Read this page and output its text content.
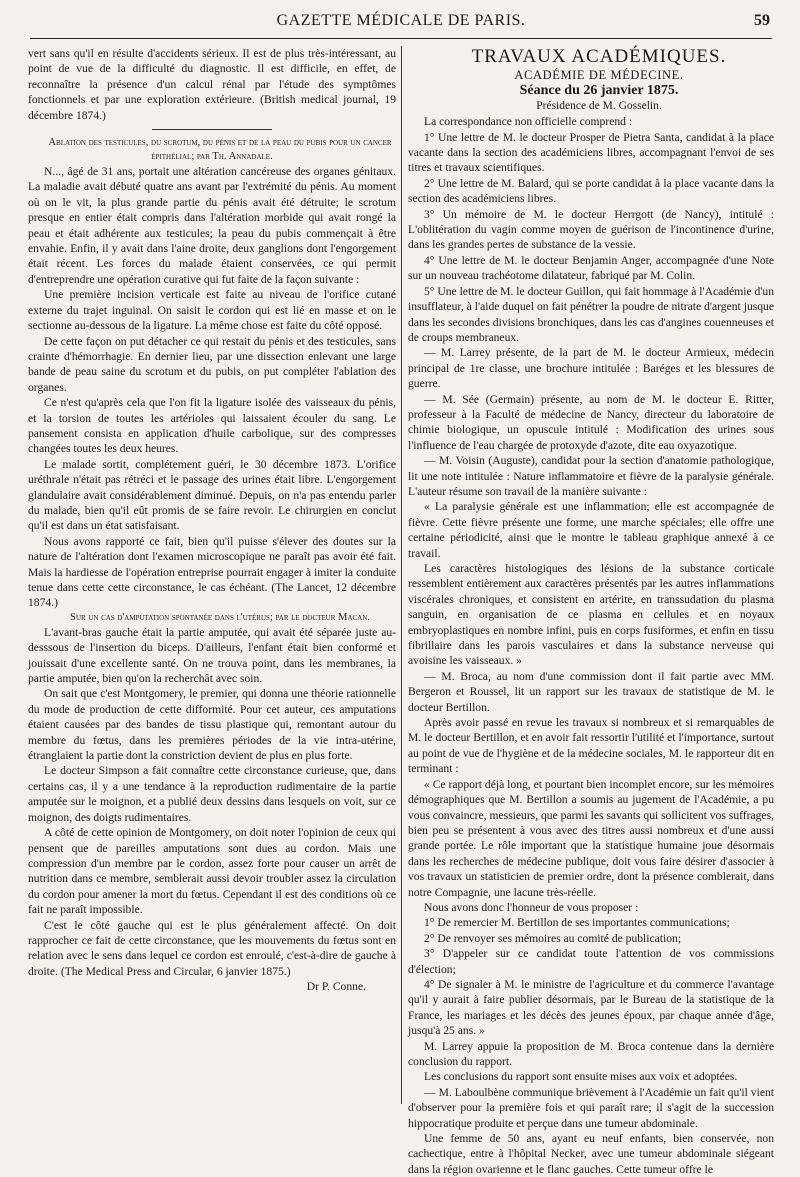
GAZETTE MÉDICALE DE PARIS.	59

vert sans qu'il en résulte d'accidents sérieux. Il est de plus très-intéressant, au point de vue de la difficulté du diagnostic. Il est difficile, en effet, de reconnaître la présence d'un calcul rénal par l'étude des symptômes fonctionnels et par une exploration extérieure. (British medical journal, 19 décembre 1874.)

Ablation des testicules, du scrotum, du pénis et de la peau du pubis pour un cancer épithélial; par Th. Annadale.

N..., âgé de 31 ans, portait une altération cancéreuse des organes génitaux. La maladie avait débuté quatre ans avant par l'extrémité du pénis. Au moment où on le vit, la plus grande partie du pénis avait été détruite; le scrotum presque en entier était compris dans l'altération morbide qui avait rongé la peau et était adhérente aux testicules; la peau du pubis commençait à être envahie. Enfin, il y avait dans l'aine droite, deux ganglions dont l'engorgement était récent. Les forces du malade étaient conservées, ce qui permit d'entreprendre une opération curative qui fut faite de la façon suivante :

Une première incision verticale est faite au niveau de l'orifice cutané externe du trajet inguinal. On saisit le cordon qui est lié en masse et on le sectionne au-dessous de la ligature. La même chose est faite du côté opposé.

De cette façon on put détacher ce qui restait du pénis et des testicules, sans crainte d'hémorrhagie. En dernier lieu, par une dissection enlevant une large bande de peau saine du scrotum et du pubis, on put compléter l'ablation des organes.

Ce n'est qu'après cela que l'on fit la ligature isolée des vaisseaux du pénis, et la torsion de toutes les artérioles qui laissaient écouler du sang. Le pansement consista en application d'huile carbolique, sur des compresses changées toutes les deux heures.

Le malade sortit, complétement guéri, le 30 décembre 1873. L'orifice uréthrale n'était pas rétréci et le passage des urines était libre. L'engorgement glandulaire avait considérablement diminué. Depuis, on n'a pas entendu parler du malade, bien qu'il eût promis de se faire revoir. Le chirurgien en conclut qu'il est dans un état satisfaisant.

Nous avons rapporté ce fait, bien qu'il puisse s'élever des doutes sur la nature de l'altération dont l'examen microscopique ne paraît pas avoir été fait. Mais la hardiesse de l'opération entreprise pourrait engager à imiter la conduite tenue dans cette cette circonstance, le cas échéant. (The Lancet, 12 décembre 1874.)

Sur un cas d'amputation spontanée dans l'utérus; par le docteur Macan.

L'avant-bras gauche était la partie amputée, qui avait été séparée juste au-desssous de l'insertion du biceps. D'ailleurs, l'enfant était bien conformé et jouissait d'une excellente santé. On ne trouva point, dans les membranes, la partie amputée, bien qu'on la recherchât avec soin.

On sait que c'est Montgomery, le premier, qui donna une théorie rationnelle du mode de production de cette difformité. Pour cet auteur, ces amputations étaient causées par des bandes de tissu plastique qui, remontant autour du membre du fœtus, dans les premières périodes de la vie intra-utérine, étranglaient la partie dont la constriction devient de plus en plus forte.

Le docteur Simpson a fait connaître cette circonstance curieuse, que, dans certains cas, il y a une tendance à la reproduction rudimentaire de la partie amputée sur le moignon, et a publié deux dessins dans lesquels on voit, sur ce moignon, des doigts rudimentaires.

A côté de cette opinion de Montgomery, on doit noter l'opinion de ceux qui pensent que de pareilles amputations sont dues au cordon. Mais une compression d'un membre par le cordon, assez forte pour causer un arrêt de nutrition dans ce membre, semblerait aussi devoir troubler assez la circulation du cordon pour amener la mort du fœtus. Cependant il est des conditions où ce fait ne paraît impossible.

C'est le côté gauche qui est le plus généralement affecté. On doit rapprocher ce fait de cette circonstance, que les mouvements du fœtus sont en relation avec le sens dans lequel ce cordon est enroulé, c'est-à-dire de gauche à droite. (The Medical Press and Circular, 6 janvier 1875.)

Dr P. Conne.

TRAVAUX ACADÉMIQUES.

ACADÉMIE DE MÉDECINE.

Séance du 26 janvier 1875.

Présidence de M. Gosselin.

La correspondance non officielle comprend :

1° Une lettre de M. le docteur Prosper de Pietra Santa, candidat à la place vacante dans la section des académiciens libres, accompagnant l'envoi de ses titres et travaux scientifiques.

2° Une lettre de M. Balard, qui se porte candidat à la place vacante dans la section des académiciens libres.

3° Un mémoire de M. le docteur Herrgott (de Nancy), intitulé : L'oblitération du vagin comme moyen de guérison de l'incontinence d'urine, dans les grandes pertes de substance de la vessie.

4° Une lettre de M. le docteur Benjamin Anger, accompagnée d'une Note sur un nouveau trachéotome dilatateur, fabriqué par M. Colin.

5° Une lettre de M. le docteur Guillon, qui fait hommage à l'Académie d'un insufflateur, à l'aide duquel on fait pénétrer la poudre de nitrate d'argent jusque dans les secondes divisions bronchiques, dans les cas d'angines couenneuses et de croups membraneux.

— M. Larrey présente, de la part de M. le docteur Armieux, médecin principal de 1re classe, une brochure intitulée : Baréges et les blessures de guerre.

— M. Sée (Germain) présente, au nom de M. le docteur E. Ritter, professeur à la Faculté de médecine de Nancy, directeur du laboratoire de chimie biologique, un opuscule intitulé : Modification des urines sous l'influence de l'eau chargée de protoxyde d'azote, dite eau oxyazotique.

— M. Voisin (Auguste), candidat pour la section d'anatomie pathologique, lit une note intitulée : Nature inflammatoire et fièvre de la paralysie générale. L'auteur résume son travail de la manière suivante :

« La paralysie générale est une inflammation; elle est accompagnée de fièvre. Cette fièvre présente une forme, une marche spéciales; elle offre une certaine périodicité, ainsi que le montre le tableau graphique annexé à ce travail.

Les caractères histologiques des lésions de la substance corticale ressemblent entièrement aux caractères présentés par les autres inflammations viscérales chroniques, et consistent en artérite, en transsudation du plasma sanguin, en organisation de ce plasma en cellules et en noyaux embryoplastiques en nombre infini, puis en corps fusiformes, et enfin en tissu fibrillaire dans les parois vasculaires et dans la substance nerveuse qui avoisine les vaisseaux. »

— M. Broca, au nom d'une commission dont il fait partie avec MM. Bergeron et Roussel, lit un rapport sur les travaux de statistique de M. le docteur Bertillon.

Après avoir passé en revue les travaux si nombreux et si remarquables de M. le docteur Bertillon, et en avoir fait ressortir l'utilité et l'importance, surtout au point de vue de l'hygiène et de la médecine sociales, M. le rapporteur dit en terminant :

« Ce rapport déjà long, et pourtant bien incomplet encore, sur les mémoires démographiques que M. Bertillon a soumis au jugement de l'Académie, a pu vous convaincre, messieurs, que parmi les savants qui sollicitent vos suffrages, bien peu se présentent à vous avec des titres aussi nombreux et d'une aussi grande portée. Le rôle important que la statistique humaine joue désormais dans les recherches de médecine publique, doit vous faire désirer d'associer à vos travaux un statisticien de premier ordre, dont la présence comblerait, dans notre Compagnie, une lacune très-réelle.

Nous avons donc l'honneur de vous proposer :

1° De remercier M. Bertillon de ses importantes communications;

2° De renvoyer ses mémoires au comité de publication;

3° D'appeler sur ce candidat toute l'attention de vos commissions d'élection;

4° De signaler à M. le ministre de l'agriculture et du commerce l'avantage qu'il y aurait à faire publier désormais, par le Bureau de la statistique de la France, les mariages et les décès des jeunes époux, par chaque année d'âge, jusqu'à 25 ans. »

M. Larrey appuie la proposition de M. Broca contenue dans la dernière conclusion du rapport.

Les conclusions du rapport sont ensuite mises aux voix et adoptées.

— M. Laboulbène communique brièvement à l'Académie un fait qu'il vient d'observer pour la première fois et qui paraît rare; il s'agit de la succession hippocratique produite et perçue dans une tumeur abdominale.

Une femme de 50 ans, ayant eu neuf enfants, bien conservée, non cachectique, entre à l'hôpital Necker, avec une tumeur abdominale siégeant dans la région ovarienne et le flanc gauches. Cette tumeur offre le
